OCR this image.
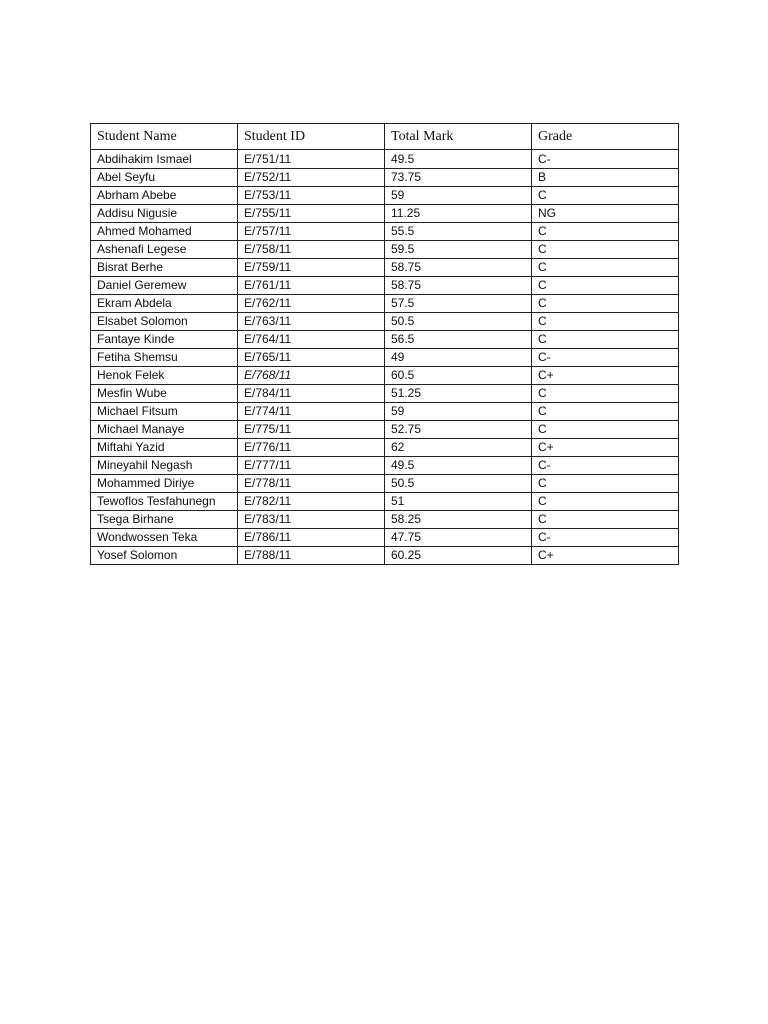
Student Name	Student ID	Total Mark	Grade
Abdihakim Ismael	E/751/11	49.5	C-
Abel Seyfu	E/752/11	73.75	B
Abrham Abebe	E/753/11	59	C
Addisu Nigusie	E/755/11	11.25	NG
Ahmed Mohamed	E/757/11	55.5	C
Ashenafi Legese	E/758/11	59.5	C
Bisrat Berhe	E/759/11	58.75	C
Daniel Geremew	E/761/11	58.75	C
Ekram Abdela	E/762/11	57.5	C
Elsabet Solomon	E/763/11	50.5	C
Fantaye Kinde	E/764/11	56.5	C
Fetiha Shemsu	E/765/11	49	C-
Henok Felek	E/768/11	60.5	C+
Mesfin Wube	E/784/11	51.25	C
Michael Fitsum	E/774/11	59	C
Michael Manaye	E/775/11	52.75	C
Miftahi Yazid	E/776/11	62	C+
Mineyahil Negash	E/777/11	49.5	C-
Mohammed Diriye	E/778/11	50.5	C
Tewoflos Tesfahunegn	E/782/11	51	C
Tsega Birhane	E/783/11	58.25	C
Wondwossen Teka	E/786/11	47.75	C-
Yosef Solomon	E/788/11	60.25	C+
